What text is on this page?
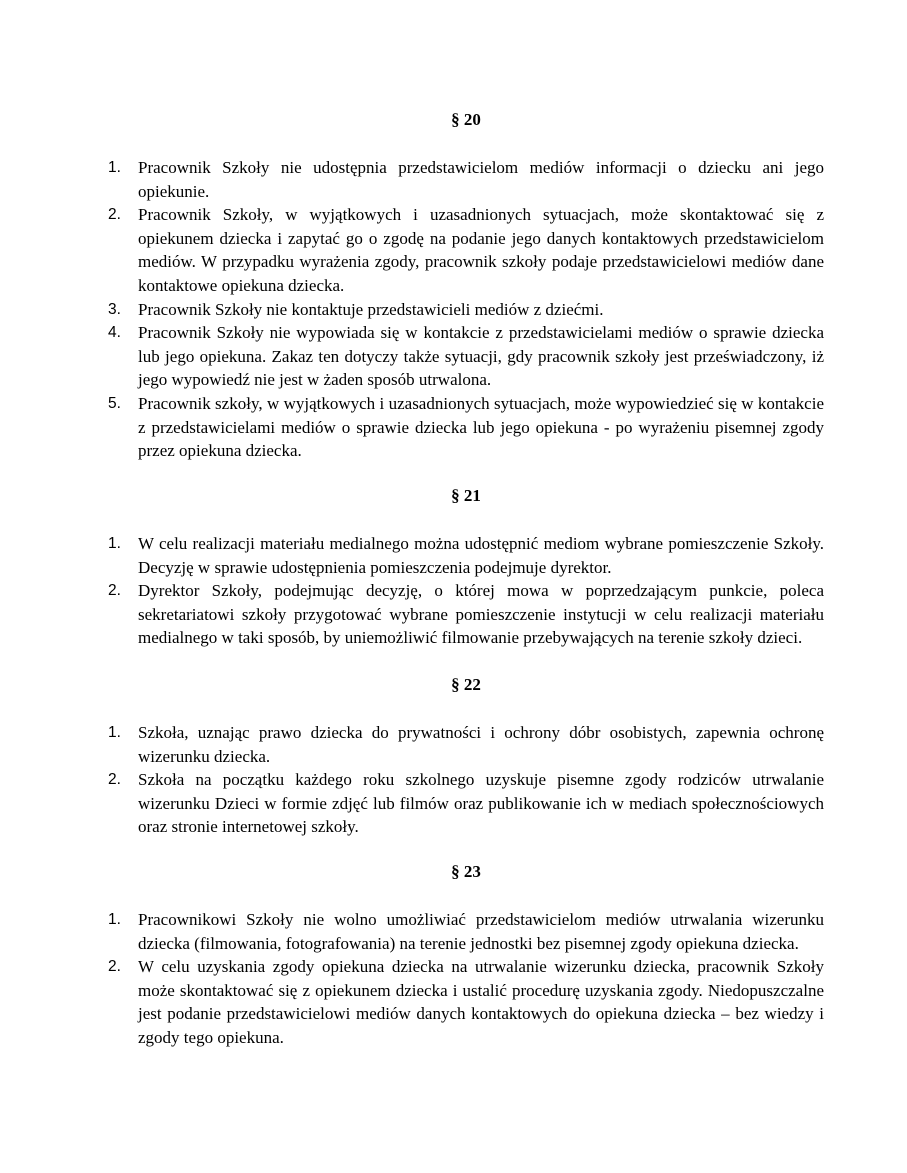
§ 20
1. Pracownik Szkoły nie udostępnia przedstawicielom mediów informacji o dziecku ani jego opiekunie.
2. Pracownik Szkoły, w wyjątkowych i uzasadnionych sytuacjach, może skontaktować się z opiekunem dziecka i zapytać go o zgodę na podanie jego danych kontaktowych przedstawicielom mediów. W przypadku wyrażenia zgody, pracownik szkoły podaje przedstawicielowi mediów dane kontaktowe opiekuna dziecka.
3. Pracownik Szkoły nie kontaktuje przedstawicieli mediów z dziećmi.
4. Pracownik Szkoły nie wypowiada się w kontakcie z przedstawicielami mediów o sprawie dziecka lub jego opiekuna. Zakaz ten dotyczy także sytuacji, gdy pracownik szkoły jest przeświadczony, iż jego wypowiedź nie jest w żaden sposób utrwalona.
5. Pracownik szkoły, w wyjątkowych i uzasadnionych sytuacjach, może wypowiedzieć się w kontakcie z przedstawicielami mediów o sprawie dziecka lub jego opiekuna - po wyrażeniu pisemnej zgody przez opiekuna dziecka.
§ 21
1. W celu realizacji materiału medialnego można udostępnić mediom wybrane pomieszczenie Szkoły. Decyzję w sprawie udostępnienia pomieszczenia podejmuje dyrektor.
2. Dyrektor Szkoły, podejmując decyzję, o której mowa w poprzedzającym punkcie, poleca sekretariatowi szkoły przygotować wybrane pomieszczenie instytucji w celu realizacji materiału medialnego w taki sposób, by uniemożliwić filmowanie przebywających na terenie szkoły dzieci.
§ 22
1. Szkoła, uznając prawo dziecka do prywatności i ochrony dóbr osobistych, zapewnia ochronę wizerunku dziecka.
2. Szkoła na początku każdego roku szkolnego uzyskuje pisemne zgody rodziców utrwalanie wizerunku Dzieci w formie zdjęć lub filmów oraz publikowanie ich w mediach społecznościowych oraz stronie internetowej szkoły.
§ 23
1. Pracownikowi Szkoły nie wolno umożliwiać przedstawicielom mediów utrwalania wizerunku dziecka (filmowania, fotografowania) na terenie jednostki bez pisemnej zgody opiekuna dziecka.
2. W celu uzyskania zgody opiekuna dziecka na utrwalanie wizerunku dziecka, pracownik Szkoły może skontaktować się z opiekunem dziecka i ustalić procedurę uzyskania zgody. Niedopuszczalne jest podanie przedstawicielowi mediów danych kontaktowych do opiekuna dziecka – bez wiedzy i zgody tego opiekuna.
